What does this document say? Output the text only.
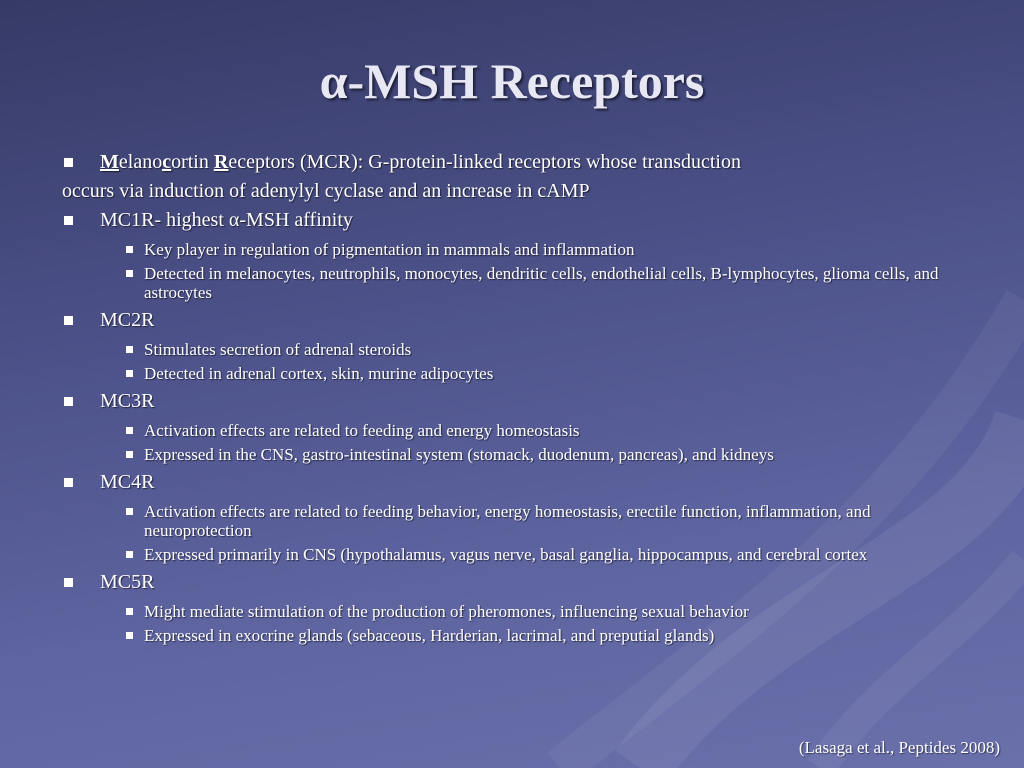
α-MSH Receptors
Melanocortin Receptors (MCR): G-protein-linked receptors whose transduction
occurs via induction of adenylyl cyclase and an increase in cAMP
MC1R- highest α-MSH affinity
Key player in regulation of pigmentation in mammals and inflammation
Detected in melanocytes, neutrophils, monocytes, dendritic cells, endothelial cells, B-lymphocytes, glioma cells, and astrocytes
MC2R
Stimulates secretion of adrenal steroids
Detected in adrenal cortex, skin, murine adipocytes
MC3R
Activation effects are related to feeding and energy homeostasis
Expressed in the CNS, gastro-intestinal system (stomack, duodenum, pancreas), and kidneys
MC4R
Activation effects are related to feeding behavior, energy homeostasis, erectile function, inflammation, and neuroprotection
Expressed primarily in CNS (hypothalamus, vagus nerve, basal ganglia, hippocampus, and cerebral cortex
MC5R
Might mediate stimulation of the production of pheromones, influencing sexual behavior
Expressed in exocrine glands (sebaceous, Harderian, lacrimal, and preputial glands)
(Lasaga et al., Peptides 2008)
